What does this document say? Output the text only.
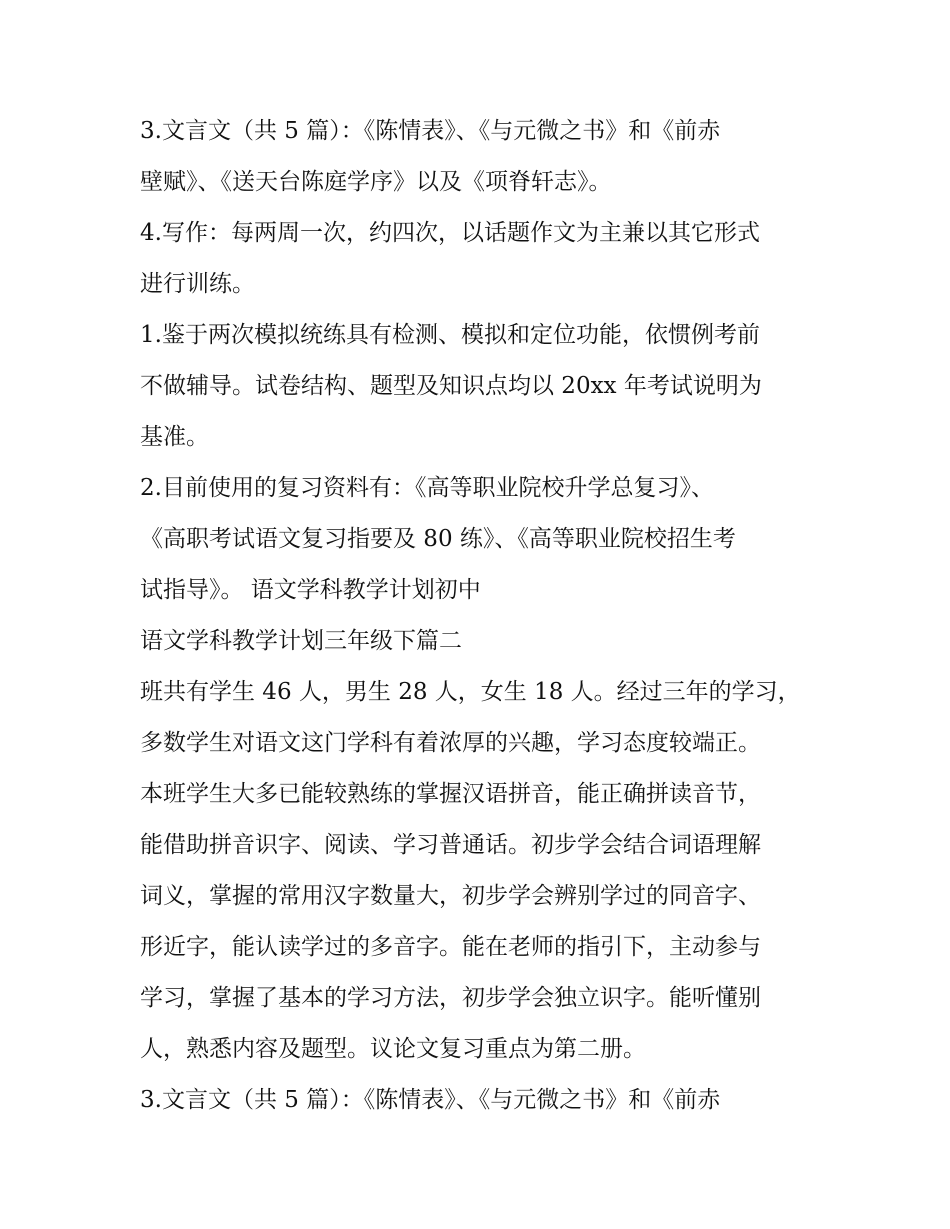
3.文言文（共 5 篇）：《陈情表》、《与元微之书》和《前赤
壁赋》、《送天台陈庭学序》以及《项脊轩志》。
4.写作：每两周一次，约四次，以话题作文为主兼以其它形式
进行训练。
1.鉴于两次模拟统练具有检测、模拟和定位功能，依惯例考前
不做辅导。试卷结构、题型及知识点均以 20xx 年考试说明为
基准。
2.目前使用的复习资料有：《高等职业院校升学总复习》、
《高职考试语文复习指要及 80 练》、《高等职业院校招生考
试指导》。 语文学科教学计划初中
语文学科教学计划三年级下篇二
班共有学生 46 人，男生 28 人，女生 18 人。经过三年的学习，
多数学生对语文这门学科有着浓厚的兴趣，学习态度较端正。
本班学生大多已能较熟练的掌握汉语拼音，能正确拼读音节，
能借助拼音识字、阅读、学习普通话。初步学会结合词语理解
词义，掌握的常用汉字数量大，初步学会辨别学过的同音字、
形近字，能认读学过的多音字。能在老师的指引下，主动参与
学习，掌握了基本的学习方法，初步学会独立识字。能听懂别
人，熟悉内容及题型。议论文复习重点为第二册。
3.文言文（共 5 篇）：《陈情表》、《与元微之书》和《前赤
